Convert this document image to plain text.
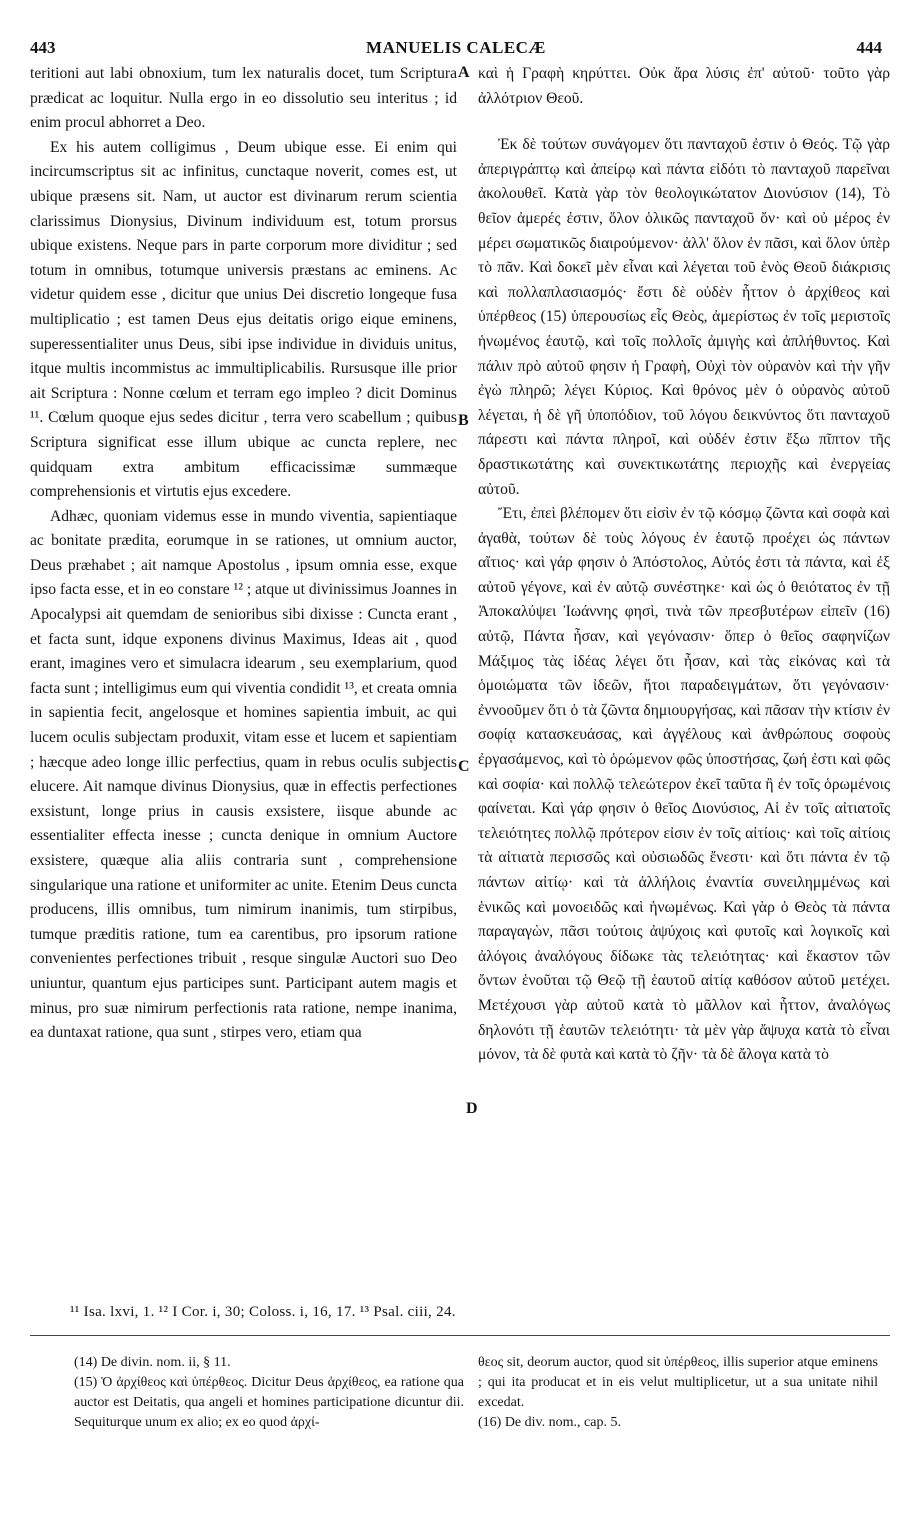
443	MANUELIS CALECÆ	444

teritioni aut labi obnoxium, tum lex naturalis docet, tum Scriptura prædicat ac loquitur. Nulla ergo in eo dissolutio seu interitus ; id enim procul abhorret a Deo.

Ex his autem colligimus , Deum ubique esse. Ei enim qui incircumscriptus sit ac infinitus, cunctaque noverit, comes est, ut ubique præsens sit. Nam, ut auctor est divinarum rerum scientia clarissimus Dionysius, Divinum individuum est, totum prorsus ubique existens. Neque pars in parte corporum more dividitur ; sed totum in omnibus, totumque universis præstans ac eminens. Ac videtur quidem esse , dicitur que unius Dei discretio longeque fusa multiplicatio ; est tamen Deus ejus deitatis origo eique eminens, superessentialiter unus Deus, sibi ipse individue in dividuis unitus, itque multis incommistus ac immultiplicabilis. Rursusque ille prior ait Scriptura : Nonne cœlum et terram ego impleo ? dicit Dominus ¹¹. Cœlum quoque ejus sedes dicitur , terra vero scabellum ; quibus Scriptura significat esse illum ubique ac cuncta replere, nec quidquam extra ambitum efficacissimæ summæque comprehensionis et virtutis ejus excedere.

Adhæc, quoniam videmus esse in mundo viventia, sapientiaque ac bonitate prædita, eorumque in se rationes, ut omnium auctor, Deus præhabet ; ait namque Apostolus , ipsum omnia esse, exque ipso facta esse, et in eo constare ¹² ; atque ut divinissimus Joannes in Apocalypsi ait quemdam de senioribus sibi dixisse : Cuncta erant , et facta sunt, idque exponens divinus Maximus, Ideas ait , quod erant, imagines vero et simulacra idearum , seu exemplarium, quod facta sunt ; intelligimus eum qui viventia condidit ¹³, et creata omnia in sapientia fecit, angelosque et homines sapientia imbuit, ac qui lucem oculis subjectam produxit, vitam esse et lucem et sapientiam ; hæcque adeo longe illic perfectius, quam in rebus oculis subjectis elucere. Ait namque divinus Dionysius, quæ in effectis perfectiones exsistunt, longe prius in causis exsistere, iisque abunde ac essentialiter effecta inesse ; cuncta denique in omnium Auctore exsistere, quæque alia aliis contraria sunt , comprehensione singularique una ratione et uniformiter ac unite. Etenim Deus cuncta producens, illis omnibus, tum nimirum inanimis, tum stirpibus, tumque præditis ratione, tum ea carentibus, pro ipsorum ratione convenientes perfectiones tribuit , resque singulæ Auctori suo Deo uniuntur, quantum ejus participes sunt. Participant autem magis et minus, pro suæ nimirum perfectionis rata ratione, nempe inanima, ea duntaxat ratione, qua sunt , stirpes vero, etiam qua

καὶ ἡ Γραφὴ κηρύττει. Οὐκ ἄρα λύσις ἐπ' αὐτοῦ· τοῦτο γὰρ ἀλλότριον Θεοῦ.

Ἐκ δὲ τούτων συνάγομεν ὅτι πανταχοῦ ἐστιν ὁ Θεός. Τῷ γὰρ ἀπεριγράπτῳ καὶ ἀπείρῳ καὶ πάντα εἰδότι τὸ πανταχοῦ παρεῖναι ἀκολουθεῖ. Κατὰ γὰρ τὸν θεολογικώτατον Διονύσιον (14), Τὸ θεῖον ἀμερές ἐστιν, ὅλον ὁλικῶς πανταχοῦ ὄν· καὶ οὐ μέρος ἐν μέρει σωματικῶς διαιρούμενον· ἀλλ' ὅλον ἐν πᾶσι, καὶ ὅλον ὑπὲρ τὸ πᾶν. Καὶ δοκεῖ μὲν εἶναι καὶ λέγεται τοῦ ἑνὸς Θεοῦ διάκρισις καὶ πολλαπλασιασμός· ἔστι δὲ οὐδὲν ἧττον ὁ ἀρχίθεος καὶ ὑπέρθεος (15) ὑπερουσίως εἷς Θεὸς, ἀμερίστως ἐν τοῖς μεριστοῖς ἡνωμένος ἑαυτῷ, καὶ τοῖς πολλοῖς ἀμιγὴς καὶ ἀπλήθυντος. Καὶ πάλιν πρὸ αὐτοῦ φησιν ἡ Γραφὴ, Οὐχὶ τὸν οὐρανὸν καὶ τὴν γῆν ἐγὼ πληρῶ; λέγει Κύριος. Καὶ θρόνος μὲν ὁ οὐρανὸς αὐτοῦ λέγεται, ἡ δὲ γῆ ὑποπόδιον, τοῦ λόγου δεικνύντος ὅτι πανταχοῦ πάρεστι καὶ πάντα πληροῖ, καὶ οὐδέν ἐστιν ἔξω πῖπτον τῆς δραστικωτάτης καὶ συνεκτικωτάτης περιοχῆς καὶ ἐνεργείας αὐτοῦ.

Ἔτι, ἐπεὶ βλέπομεν ὅτι εἰσὶν ἐν τῷ κόσμῳ ζῶντα καὶ σοφὰ καὶ ἀγαθὰ, τούτων δὲ τοὺς λόγους ἐν ἑαυτῷ προέχει ὡς πάντων αἴτιος· καὶ γάρ φησιν ὁ Ἀπόστολος, Αὐτός ἐστι τὰ πάντα, καὶ ἐξ αὐτοῦ γέγονε, καὶ ἐν αὐτῷ συνέστηκε· καὶ ὡς ὁ θειότατος ἐν τῇ Ἀποκαλύψει Ἰωάννης φησὶ, τινὰ τῶν πρεσβυτέρων εἰπεῖν (16) αὐτῷ, Πάντα ἦσαν, καὶ γεγόνασιν· ὅπερ ὁ θεῖος σαφηνίζων Μάξιμος τὰς ἰδέας λέγει ὅτι ἦσαν, καὶ τὰς εἰκόνας καὶ τὰ ὁμοιώματα τῶν ἰδεῶν, ἤτοι παραδειγμάτων, ὅτι γεγόνασιν· ἐννοοῦμεν ὅτι ὁ τὰ ζῶντα δημιουργήσας, καὶ πᾶσαν τὴν κτίσιν ἐν σοφίᾳ κατασκευάσας, καὶ ἀγγέλους καὶ ἀνθρώπους σοφοὺς ἐργασάμενος, καὶ τὸ ὁρώμενον φῶς ὑποστήσας, ζωή ἐστι καὶ φῶς καὶ σοφία· καὶ πολλῷ τελεώτερον ἐκεῖ ταῦτα ἢ ἐν τοῖς ὁρωμένοις φαίνεται. Καὶ γάρ φησιν ὁ θεῖος Διονύσιος, Αἱ ἐν τοῖς αἰτιατοῖς τελειότητες πολλῷ πρότερον εἰσιν ἐν τοῖς αἰτίοις· καὶ τοῖς αἰτίοις τὰ αἰτιατὰ περισσῶς καὶ οὐσιωδῶς ἔνεστι· καὶ ὅτι πάντα ἐν τῷ πάντων αἰτίῳ· καὶ τὰ ἀλλήλοις ἐναντία συνειλημμένως καὶ ἑνικῶς καὶ μονοειδῶς καὶ ἡνωμένως. Καὶ γὰρ ὁ Θεὸς τὰ πάντα παραγαγὼν, πᾶσι τούτοις ἀψύχοις καὶ φυτοῖς καὶ λογικοῖς καὶ ἀλόγοις ἀναλόγους δίδωκε τὰς τελειότητας· καὶ ἕκαστον τῶν ὄντων ἑνοῦται τῷ Θεῷ τῇ ἑαυτοῦ αἰτίᾳ καθόσον αὐτοῦ μετέχει. Μετέχουσι γὰρ αὐτοῦ κατὰ τὸ μᾶλλον καὶ ἧττον, ἀναλόγως δηλονότι τῇ ἑαυτῶν τελειότητι· τὰ μὲν γὰρ ἄψυχα κατὰ τὸ εἶναι μόνον, τὰ δὲ φυτὰ καὶ κατὰ τὸ ζῆν· τὰ δὲ ἄλογα κατὰ τὸ

A
B
C
D
¹¹ Isa. lxvi, 1. ¹² I Cor. i, 30; Coloss. i, 16, 17. ¹³ Psal. ciii, 24.

(14) De divin. nom. ii, § 11.

(15) Ὁ ἀρχίθεος καὶ ὑπέρθεος. Dicitur Deus ἀρχίθεος, ea ratione qua auctor est Deitatis, qua angeli et homines participatione dicuntur dii. Sequiturque unum ex alio; ex eo quod ἀρχί-

θεος sit, deorum auctor, quod sit ὑπέρθεος, illis superior atque eminens ; qui ita producat et in eis velut multiplicetur, ut a sua unitate nihil excedat.

(16) De div. nom., cap. 5.
